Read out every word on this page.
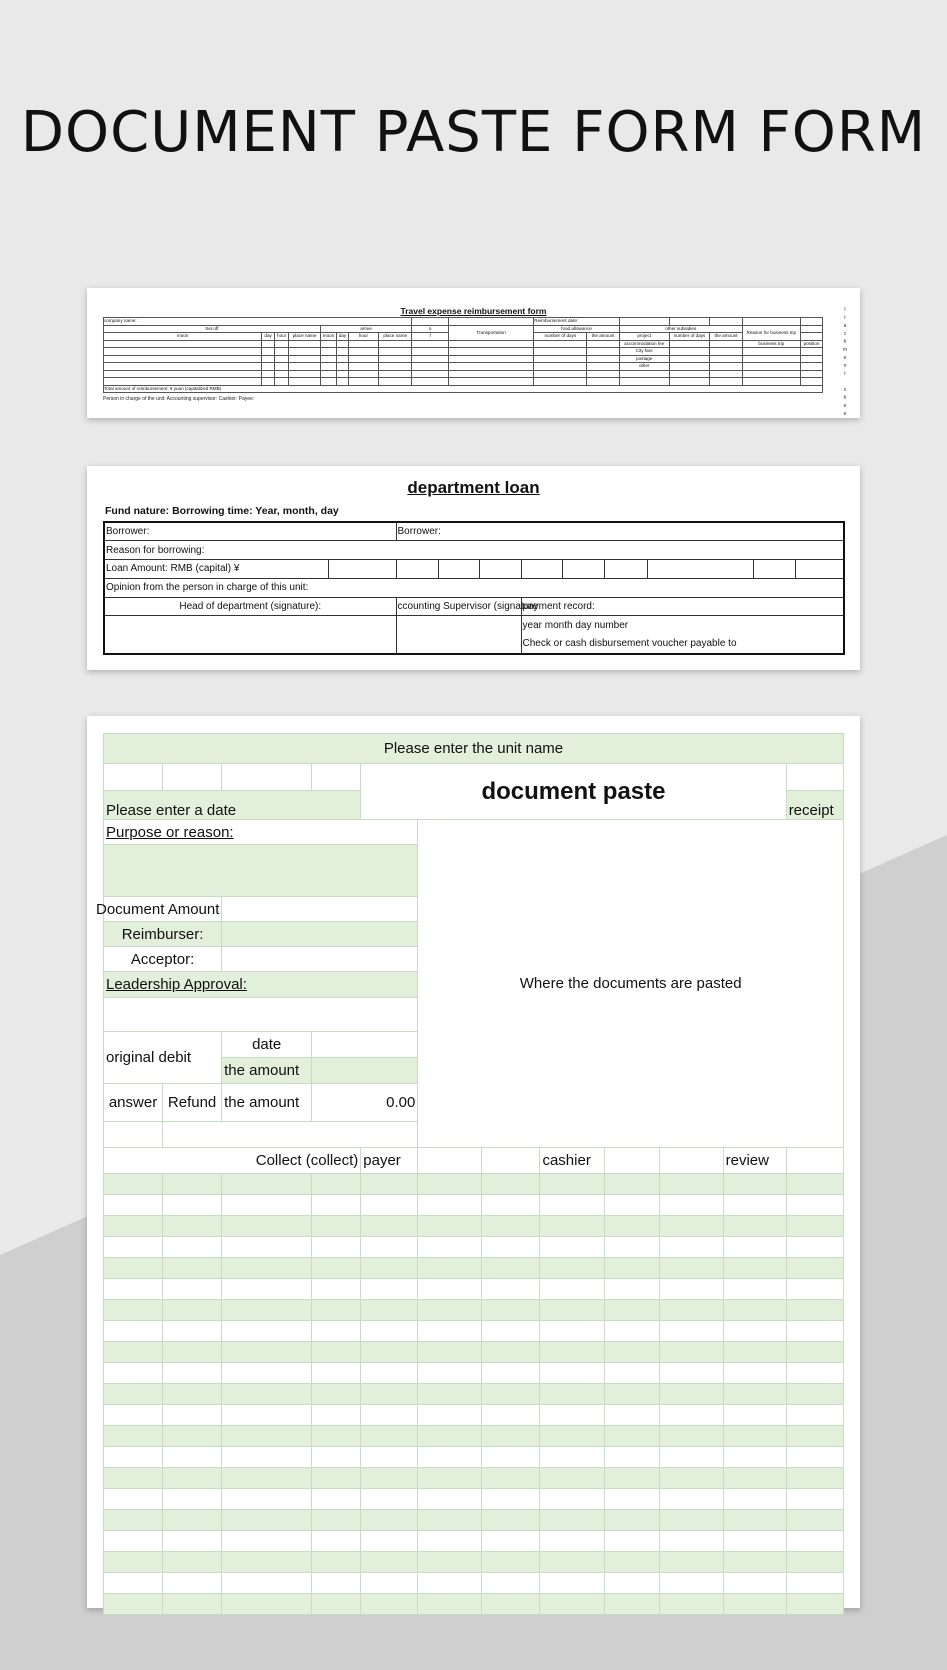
DOCUMENT PASTE FORM FORM
Travel expense reimbursement form
company name:										Reimbursement date:						
Set off				arrive				o	Transportation	food allowance		other subsidies			Reason for business trip	
moon	day	hour	place name	moon	day	hour	place name	f		number of days	the amount	project	number of days	the amount		
												accommodation fee			business trip	position
												City fare				
												postage				
												other				

Total amount of reimbursement: ¥ yuan (capitalized RMB)																
Person in charge of the unit: Accounting supervisor: Cashier: Payee:
I
t
a
c
h
m
e
n
t

s
h
e
e
department loan
Fund nature: Borrowing time: Year, month, day
Borrower:		Borrower:								
Reason for borrowing:										
Loan Amount: RMB (capital) ¥										
Opinion from the person in charge of this unit:										
Head of department (signature):		ccounting Supervisor (signature			payment record:					
					year month day number					
					Check or cash disbursement voucher payable to					
Please enter the unit name											
				document paste							
Please enter a date											receipt
Purpose or reason:					Where the documents are pasted						

Document Amount											
Reimburser:											
Acceptor:											
Leadership Approval:											

original debit		date									
		the amount									
answer	Refund	the amount	0.00								

Collect (collect)				payer			cashier			review	
